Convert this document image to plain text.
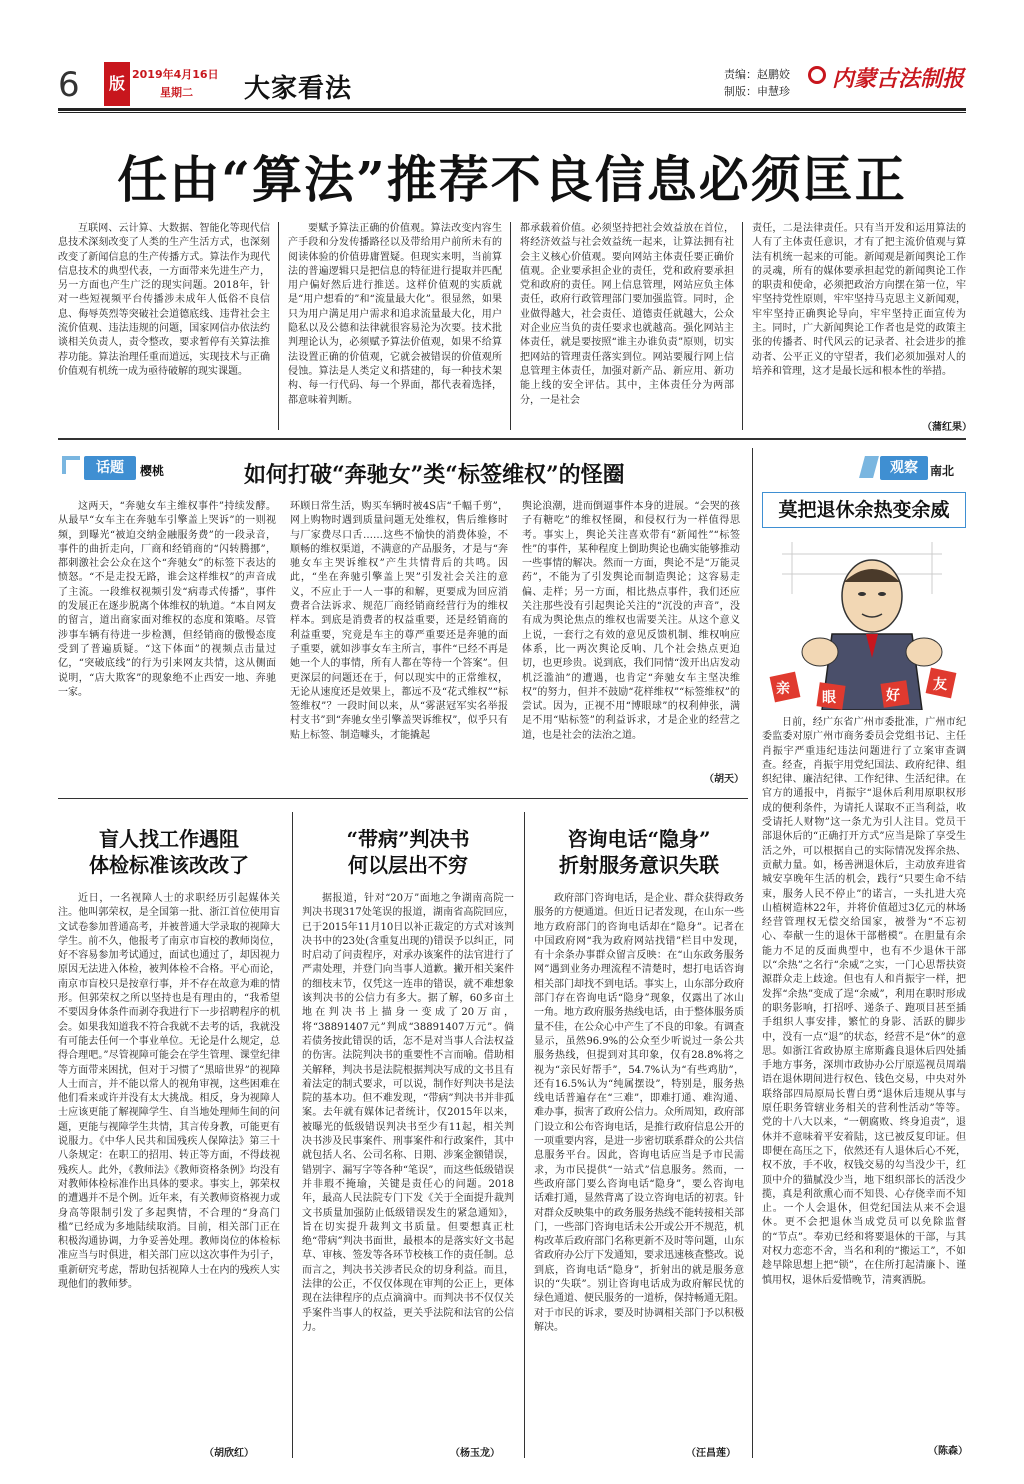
6	版 2019年4月16日
星期二	大家看法	责编：赵鹏姣
制版：申慧珍 内蒙古法制报
任由“算法”推荐不良信息必须匡正

互联网、云计算、大数据、智能化等现代信息技术深刻改变了人类的生产生活方式，也深刻改变了新闻信息的生产传播方式。算法作为现代信息技术的典型代表，一方面带来先进生产力，另一方面也产生广泛的现实问题。2018年，针对一些短视频平台传播涉未成年人低俗不良信息、侮辱英烈等突破社会道德底线、违背社会主流价值观、违法违规的问题，国家网信办依法约谈相关负责人，责令整改，要求暂停有关算法推荐功能。算法治理任重而道远，实现技术与正确价值观有机统一成为亟待破解的现实课题。

要赋予算法正确的价值观。算法改变内容生产手段和分发传播路径以及带给用户前所未有的阅读体验的价值毋庸置疑。但现实来明，当前算法的普遍逻辑只是把信息的特征进行提取并匹配用户偏好然后进行推送。这样价值观的实质就是“用户想看的”和“流量最大化”。很显然，如果只为用户满足用户需求和追求流量最大化，用户隐私以及公德和法律就很容易沦为次要。技术批判理论认为，必须赋予算法价值观，如果不给算法设置正确的价值观，它就会被错误的价值观所侵蚀。算法是人类定义和搭建的，每一种技术架构、每一行代码、每一个界面，都代表着选择，都意味着判断。

都承载着价值。必须坚持把社会效益放在首位，将经济效益与社会效益统一起来，让算法拥有社会主义核心价值观。要向网站主体责任要正确价值观。企业要承担企业的责任，党和政府要承担党和政府的责任。网上信息管理，网站应负主体责任，政府行政管理部门要加强监管。同时，企业做得越大，社会责任、道德责任就越大，公众对企业应当负的责任要求也就越高。强化网站主体责任，就是要按照“谁主办谁负责”原则，切实把网站的管理责任落实到位。网站要履行网上信息管理主体责任，加强对新产品、新应用、新功能上线的安全评估。其中，主体责任分为两部分，一是社会

责任，二是法律责任。只有当开发和运用算法的人有了主体责任意识，才有了把主流价值观与算法有机统一起来的可能。新闻观是新闻舆论工作的灵魂，所有的媒体要承担起党的新闻舆论工作的职责和使命，必须把政治方向摆在第一位，牢牢坚持党性原则，牢牢坚持马克思主义新闻观，牢牢坚持正确舆论导向，牢牢坚持正面宣传为主。同时，广大新闻舆论工作者也是党的政策主张的传播者、时代风云的记录者、社会进步的推动者、公平正义的守望者，我们必须加强对人的培养和管理，这才是最长远和根本性的举措。

（蒲红果）
话题	樱桃	如何打破“奔驰女”类“标签维权”的怪圈

这两天，“奔驰女车主维权事件”持续发酵。从最早“女车主在奔驰车引擎盖上哭诉”的一则视频，到曝光“被迫交纳金融服务费”的一段录音，事件的曲折走向，厂商和经销商的“闪转腾挪”，都刺激社会公众在这个“奔驰女”的标签下表达的愤怒。“不是走投无路，谁会这样维权”的声音成了主流。一段维权视频引发“病毒式传播”，事件的发展正在逐步脱离个体维权的轨道。“本自网友的留言，道出商家面对维权的态度和策略。尽管涉事车辆有待进一步检测，但经销商的傲慢态度受到了普遍质疑。“这下体面”的视频点击量过亿，“突破底线”的行为引来网友共情，这从侧面说明，“店大欺客”的现象绝不止西安一地、奔驰一家。

环顾日常生活，购买车辆时被4S店“千幅千剪”，网上购物时遇到质量问题无处维权，售后维修时与厂家费尽口舌……这些不愉快的消费体验，不顺畅的维权渠道，不满意的产品服务，才是与“奔驰女车主哭诉维权”产生共情背后的共鸣。因此，“坐在奔驰引擎盖上哭”引发社会关注的意义，不应止于一人一事的和解，更要成为回应消费者合法诉求、规范厂商经销商经营行为的维权样本。到底是消费者的权益重要，还是经销商的利益重要，究竟是车主的尊严重要还是奔驰的面子重要，就如涉事女车主所言，事件“已经不再是她一个人的事情，所有人都在等待一个答案”。但更深层的问题还在于，何以现实中的正常维权，无论从速度还是效果上，都远不及“花式维权”“标签维权”？一段时间以来，从“雾湛冠军实名举报村支书”到“奔驰女坐引擎盖哭诉维权”，似乎只有贴上标签、制造噱头，才能撬起

舆论浪潮，进而倒逼事件本身的进展。“会哭的孩子有糖吃”的维权怪圈，和侵权行为一样值得思考。事实上，舆论关注喜欢带有“新闻性”“标签性”的事件，某种程度上倒助舆论也确实能够推动一些事情的解决。然而一方面，舆论不是“万能灵药”，不能为了引发舆论而制造舆论；这容易走偏、走样；另一方面，相比热点事件，我们还应关注那些没有引起舆论关注的“沉没的声音”，没有成为舆论焦点的维权也需要关注。从这个意义上说，一套行之有效的意见反馈机制、维权响应体系，比一两次舆论反响、几个社会热点更迫切，也更珍贵。说到底，我们同情“泼开出店发动机泛滥油”的遭遇，也肯定“奔驰女车主坚决维权”的努力，但并不鼓励“花样维权”“标签维权”的尝试。因为，正视不用“博眼球”的权利伸张，满足不用“贴标签”的利益诉求，才是企业的经营之道，也是社会的法治之道。

（胡天）
观察	南北
莫把退休余热变余威
亲
眼	好
友

日前，经广东省广州市委批准，广州市纪委监委对原广州市商务委员会党组书记、主任肖振宇严重违纪违法问题进行了立案审查调查。经查，肖振宇用党纪国法、政府纪律、组织纪律、廉洁纪律、工作纪律、生活纪律。在官方的通报中，肖振宇“退休后利用原职权形成的便利条件，为请托人谋取不正当利益，收受请托人财物”这一条尤为引人注目。党员干部退休后的“正确打开方式”应当是除了享受生活之外，可以根据自己的实际情况发挥余热、贡献力量。如，杨善洲退休后，主动放弃进省城安享晚年生活的机会，践行“只要生命不结束，服务人民不停止”的诺言，一头扎进大亮山植树造林22年，并将价值超过3亿元的林场经营管理权无偿交给国家，被誉为“不忘初心、奉献一生的退休干部楷模”。在胆量有余能力不足的反面典型中，也有不少退休干部以“余热”之名行“余威”之实，一门心思帮扶资源群众走上歧途。但也有人和肖振宇一样，把发挥“余热”变成了逞“余威”，利用在职时形成的职务影响，打招呼、递条子、跑项目甚至插手组织人事安排，繁忙的身影、活跃的脚步中，没有一点“退”的状态，经营不是“休”的意思。如浙江省政协原主席斯鑫良退休后四处插手地方事务，深圳市政协办公厅原巡视员周端语在退休期间进行权色、钱色交易，中央对外联络部四局原局长曹白勇“退休后违规从事与原任职务管辖业务相关的营利性活动”等等。党的十八大以来，“一朝腐败、终身追责”，退休并不意味着平安着陆，这已被反复印证。但即便在高压之下，依然还有人退休后心不死，权不放，手不收，权钱交易的勾当没少干，红顶中介的猫腻没少当，地下组织部长的活没少揽，真是利欲熏心而不知畏、心存侥幸而不知止。一个人会退休，但党纪国法从来不会退休。更不会把退休当成党员可以免除监督的“节点”。奉劝已经和将要退休的干部，与其对权力恋恋不舍，当名和利的“搬运工”，不如趁早除思想上把“锁”，在住所打起清廉卜、谨慎用权，退休后爱惜晚节，清爽洒脱。

（陈森）
盲人找工作遇阻
体检标准该改改了

近日，一名视障人士的求职经历引起媒体关注。他叫郭荣权，是全国第一批、浙江首位使用盲文试卷参加普通高考，并被普通大学录取的视障大学生。前不久，他报考了南京市盲校的教师岗位，好不容易参加考试通过，面试也通过了，却因视力原因无法进入体检，被判体检不合格。平心而论，南京市盲校只是按章行事，并不存在故意为难的情形。但郭荣权之所以坚持也是有理由的，“我希望不要因身体条件而剥夺我进行下一步招聘程序的机会。如果我知道我不符合我就不去考的话，我就没有可能去任何一个事业单位。无论是什么规定，总得合理吧。”尽管视障可能会在学生管理、课堂纪律等方面带来困扰，但对于习惯了“黑暗世界”的视障人士而言，并不能以常人的视角审视，这些困难在他们看来或许并没有太大挑战。相反，身为视障人士应该更能了解视障学生、自当地处理师生间的问题，更能与视障学生共情，其言传身教，可能更有说服力。《中华人民共和国残疾人保障法》第三十八条规定：在职工的招用、转正等方面，不得歧视残疾人。此外，《教师法》《教师资格条例》均没有对教师体检标准作出具体的要求。事实上，郭荣权的遭遇并不是个例。近年来，有关教师资格视力或身高等限制引发了多起舆情，不合理的“身高门槛”已经成为多地陆续取消。目前，相关部门正在积极沟通协调，力争妥善处理。教师岗位的体检标准应当与时俱进，相关部门应以这次事件为引子，重新研究考虑，帮助包括视障人士在内的残疾人实现他们的教师梦。

（胡欣红）
“带病”判决书
何以层出不穷

据报道，针对“20万”面地之争湖南高院一判决书现317处笔误的报道，湖南省高院回应，已于2015年11月10日以补正裁定的方式对该判决书中的23处(含重复出现的)错误予以纠正，同时启动了问责程序，对承办该案件的法官进行了严肃处理，并登门向当事人道歉。撇开相关案件的细枝末节，仅凭这一连串的错误，就不难想象该判决书的公信力有多大。据了解，60多亩土地在判决书上描身一变成了20万亩，将“38891407元”判成“38891407万元”。倘若债务按此错误的话，怎不是对当事人合法权益的伤害。法院判决书的重要性不言而喻。借助相关解释，判决书是法院根据判决写成的文书且有着法定的制式要求，可以说，制作好判决书是法院的基本功。但不难发现，“带病”判决书并非孤案。去年就有媒体记者统计，仅2015年以来，被曝光的低级错误判决书至少有11起，相关判决书涉及民事案件、刑事案件和行政案件，其中就包括人名、公司名称、日期、涉案金额错误，错别字、漏写字等各种“笔误”，而这些低级错误并非瑕不掩瑜，关键是责任心的问题。2018年，最高人民法院专门下发《关于全面提升裁判文书质量加强防止低级错误发生的紧急通知》，旨在切实提升裁判文书质量。但要想真正杜绝“带病”判决书面世，最根本的是落实好文书起草、审核、签发等各环节校核工作的责任制。总而言之，判决书关涉者民众的切身利益。而且，法律的公正，不仅仅体现在审判的公正上，更体现在法律程序的点点滴滴中。而判决书不仅仅关乎案件当事人的权益，更关乎法院和法官的公信力。

（杨玉龙）
咨询电话“隐身”
折射服务意识失联

政府部门咨询电话，是企业、群众获得政务服务的方便通道。但近日记者发现，在山东一些地方政府部门的咨询电话却在“隐身”。记者在中国政府网“我为政府网站找错”栏目中发现，有十余条办事群众留言反映：在“山东政务服务网”遇到业务办理流程不清楚时，想打电话咨询相关部门却找不到电话。事实上，山东部分政府部门存在咨询电话“隐身”现象，仅露出了冰山一角。地方政府服务热线电话，由于整体服务质量不佳，在公众心中产生了不良的印象。有调查显示，虽然96.9%的公众至少听说过一条公共服务热线，但提到对其印象，仅有28.8%将之视为“亲民好帮手”，54.7%认为“有些鸡肋”，还有16.5%认为“纯属摆设”，特别是，服务热线电话普遍存在“三难”，即难打通、难沟通、难办事，损害了政府公信力。众所周知，政府部门设立和公布咨询电话，是推行政府信息公开的一项重要内容，是进一步密切联系群众的公共信息服务平台。因此，咨询电话应当是予市民需求，为市民提供“一站式”信息服务。然而，一些政府部门要么咨询电话“隐身”，要么咨询电话难打通，显然背离了设立咨询电话的初衷。针对群众反映集中的政务服务热线不能转接相关部门，一些部门咨询电话未公开或公开不规范，机构改革后政府部门名称更新不及时等问题，山东省政府办公厅下发通知，要求迅速核查整改。说到底，咨询电话“隐身”，折射出的就是服务意识的“失联”。别让咨询电话成为政府解民忧的绿色通道、便民服务的一道桥，保持畅通无阻。对于市民的诉求，要及时协调相关部门予以积极解决。

（汪昌莲）
